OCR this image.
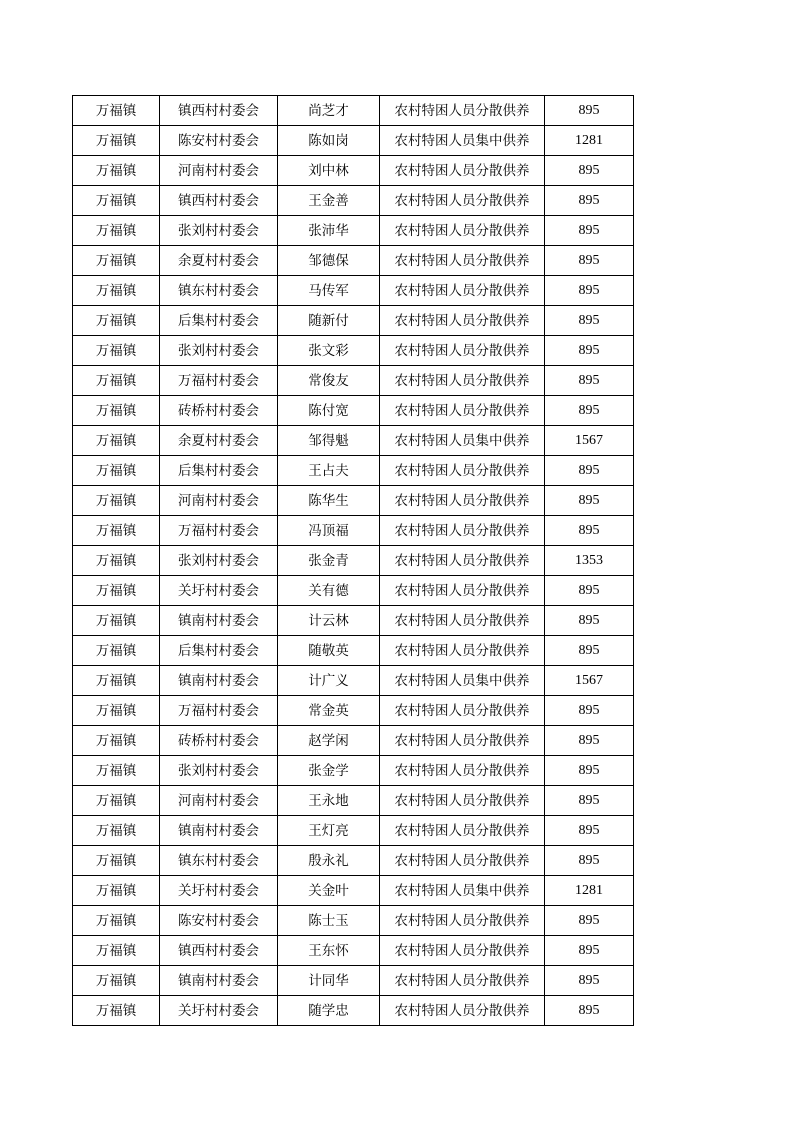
万福镇	镇西村村委会	尚芝才	农村特困人员分散供养	895
万福镇	陈安村村委会	陈如岗	农村特困人员集中供养	1281
万福镇	河南村村委会	刘中林	农村特困人员分散供养	895
万福镇	镇西村村委会	王金善	农村特困人员分散供养	895
万福镇	张刘村村委会	张沛华	农村特困人员分散供养	895
万福镇	余夏村村委会	邹德保	农村特困人员分散供养	895
万福镇	镇东村村委会	马传军	农村特困人员分散供养	895
万福镇	后集村村委会	随新付	农村特困人员分散供养	895
万福镇	张刘村村委会	张文彩	农村特困人员分散供养	895
万福镇	万福村村委会	常俊友	农村特困人员分散供养	895
万福镇	砖桥村村委会	陈付宽	农村特困人员分散供养	895
万福镇	余夏村村委会	邹得魁	农村特困人员集中供养	1567
万福镇	后集村村委会	王占夫	农村特困人员分散供养	895
万福镇	河南村村委会	陈华生	农村特困人员分散供养	895
万福镇	万福村村委会	冯顶福	农村特困人员分散供养	895
万福镇	张刘村村委会	张金青	农村特困人员分散供养	1353
万福镇	关圩村村委会	关有德	农村特困人员分散供养	895
万福镇	镇南村村委会	计云林	农村特困人员分散供养	895
万福镇	后集村村委会	随敬英	农村特困人员分散供养	895
万福镇	镇南村村委会	计广义	农村特困人员集中供养	1567
万福镇	万福村村委会	常金英	农村特困人员分散供养	895
万福镇	砖桥村村委会	赵学闲	农村特困人员分散供养	895
万福镇	张刘村村委会	张金学	农村特困人员分散供养	895
万福镇	河南村村委会	王永地	农村特困人员分散供养	895
万福镇	镇南村村委会	王灯亮	农村特困人员分散供养	895
万福镇	镇东村村委会	殷永礼	农村特困人员分散供养	895
万福镇	关圩村村委会	关金叶	农村特困人员集中供养	1281
万福镇	陈安村村委会	陈士玉	农村特困人员分散供养	895
万福镇	镇西村村委会	王东怀	农村特困人员分散供养	895
万福镇	镇南村村委会	计同华	农村特困人员分散供养	895
万福镇	关圩村村委会	随学忠	农村特困人员分散供养	895
